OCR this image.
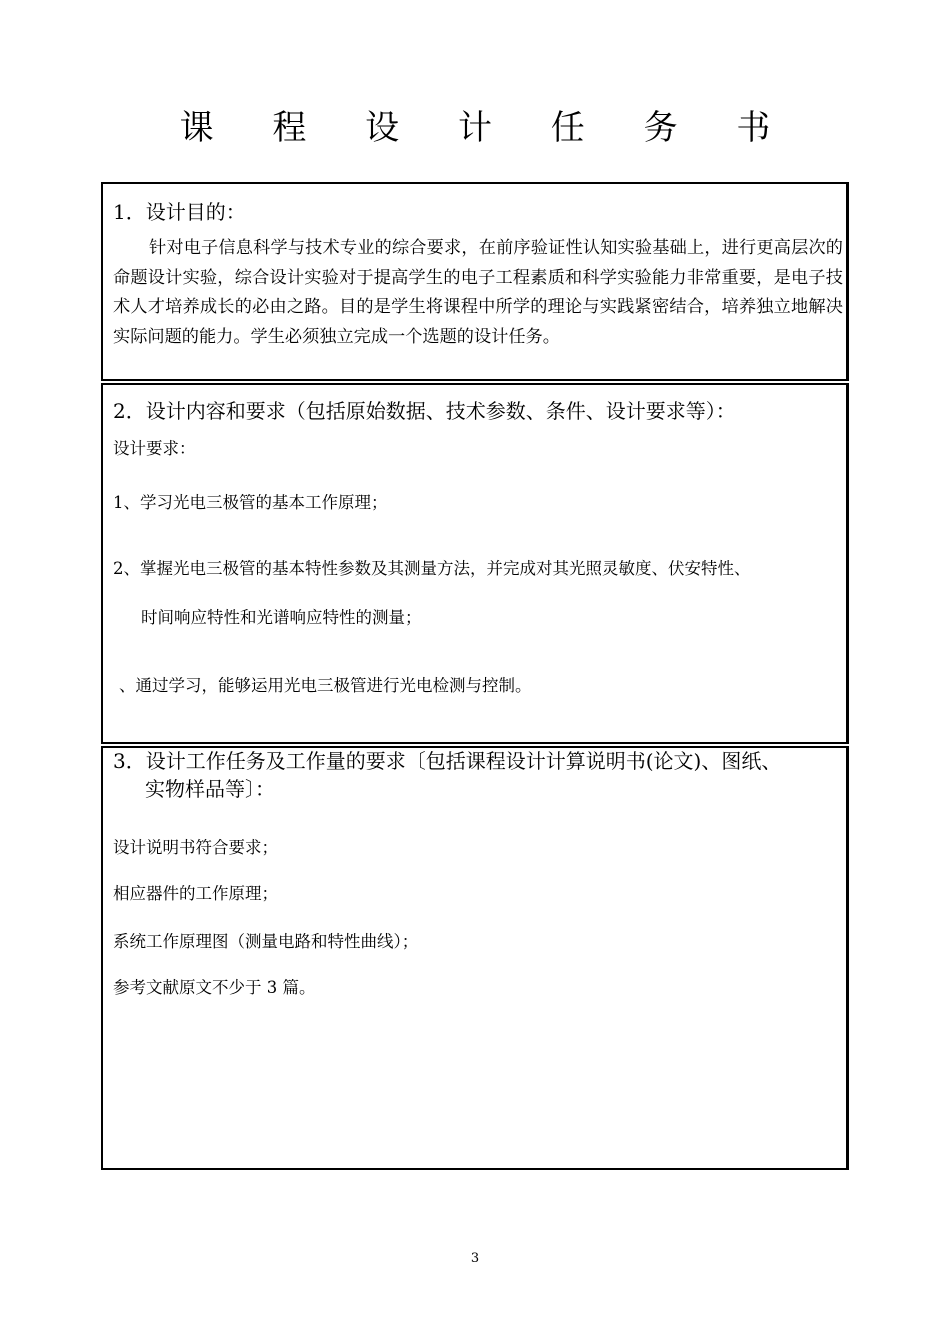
课 程 设 计 任 务 书
1．设计目的：
针对电子信息科学与技术专业的综合要求，在前序验证性认知实验基础上，进行更高层次的命题设计实验，综合设计实验对于提高学生的电子工程素质和科学实验能力非常重要，是电子技术人才培养成长的必由之路。目的是学生将课程中所学的理论与实践紧密结合，培养独立地解决实际问题的能力。学生必须独立完成一个选题的设计任务。
2．设计内容和要求（包括原始数据、技术参数、条件、设计要求等）：
设计要求：
1、学习光电三极管的基本工作原理；
2、掌握光电三极管的基本特性参数及其测量方法，并完成对其光照灵敏度、伏安特性、
时间响应特性和光谱响应特性的测量；
、通过学习，能够运用光电三极管进行光电检测与控制。
3．设计工作任务及工作量的要求〔包括课程设计计算说明书(论文)、图纸、
实物样品等〕：
设计说明书符合要求；
相应器件的工作原理；
系统工作原理图（测量电路和特性曲线）；
参考文献原文不少于 3 篇。
3
